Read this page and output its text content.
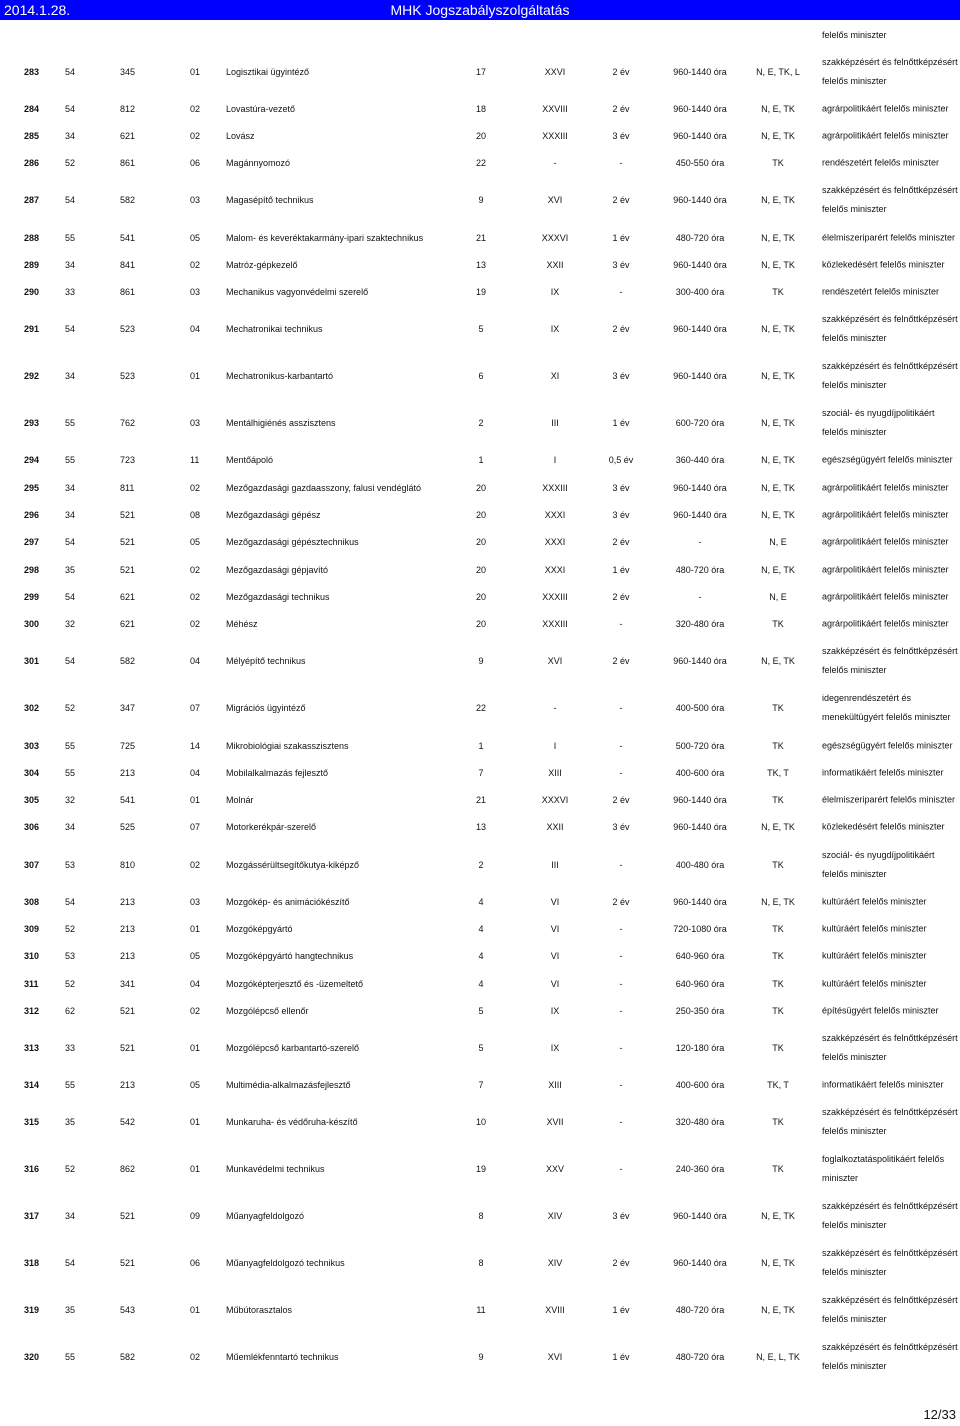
2014.1.28.	MHK Jogszabályszolgáltatás
felelős miniszter
283	54	345	01	Logisztikai ügyintéző	17	XXVI	2 év	960-1440 óra	N, E, TK, L
szakképzésért és felnőttképzésért felelős miniszter
284	54	812	02	Lovastúra-vezető	18	XXVIII	2 év	960-1440 óra	N, E, TK	agrárpolitikáért felelős miniszter
285	34	621	02	Lovász	20	XXXIII	3 év	960-1440 óra	N, E, TK	agrárpolitikáért felelős miniszter
286	52	861	06	Magánnyomozó	22	-	-	450-550 óra	TK	rendészetért felelős miniszter
287	54	582	03	Magasépítő technikus	9	XVI	2 év	960-1440 óra	N, E, TK
szakképzésért és felnőttképzésért felelős miniszter
288	55	541	05	Malom- és keveréktakarmány-ipari szaktechnikus	21	XXXVI	1 év	480-720 óra	N, E, TK	élelmiszeriparért felelős miniszter
289	34	841	02	Matróz-gépkezelő	13	XXII	3 év	960-1440 óra	N, E, TK	közlekedésért felelős miniszter
290	33	861	03	Mechanikus vagyonvédelmi szerelő	19	IX	-	300-400 óra	TK	rendészetért felelős miniszter
291	54	523	04	Mechatronikai technikus	5	IX	2 év	960-1440 óra	N, E, TK
szakképzésért és felnőttképzésért felelős miniszter
292	34	523	01	Mechatronikus-karbantartó	6	XI	3 év	960-1440 óra	N, E, TK
szakképzésért és felnőttképzésért felelős miniszter
293	55	762	03	Mentálhigiénés asszisztens	2	III	1 év	600-720 óra	N, E, TK
szociál- és nyugdíjpolitikáért felelős miniszter
294	55	723	11	Mentőápoló	1	I	0,5 év	360-440 óra	N, E, TK	egészségügyért felelős miniszter
295	34	811	02	Mezőgazdasági gazdaasszony, falusi vendéglátó	20	XXXIII	3 év	960-1440 óra	N, E, TK	agrárpolitikáért felelős miniszter
296	34	521	08	Mezőgazdasági gépész	20	XXXI	3 év	960-1440 óra	N, E, TK	agrárpolitikáért felelős miniszter
297	54	521	05	Mezőgazdasági gépésztechnikus	20	XXXI	2 év	-	N, E	agrárpolitikáért felelős miniszter
298	35	521	02	Mezőgazdasági gépjavító	20	XXXI	1 év	480-720 óra	N, E, TK	agrárpolitikáért felelős miniszter
299	54	621	02	Mezőgazdasági technikus	20	XXXIII	2 év	-	N, E	agrárpolitikáért felelős miniszter
300	32	621	02	Méhész	20	XXXIII	-	320-480 óra	TK	agrárpolitikáért felelős miniszter
301	54	582	04	Mélyépítő technikus	9	XVI	2 év	960-1440 óra	N, E, TK
szakképzésért és felnőttképzésért felelős miniszter
302	52	347	07	Migrációs ügyintéző	22	-	-	400-500 óra	TK
idegenrendészetért és menekültügyért felelős miniszter
303	55	725	14	Mikrobiológiai szakasszisztens	1	I	-	500-720 óra	TK	egészségügyért felelős miniszter
304	55	213	04	Mobilalkalmazás fejlesztő	7	XIII	-	400-600 óra	TK, T	informatikáért felelős miniszter
305	32	541	01	Molnár	21	XXXVI	2 év	960-1440 óra	TK	élelmiszeriparért felelős miniszter
306	34	525	07	Motorkerékpár-szerelő	13	XXII	3 év	960-1440 óra	N, E, TK	közlekedésért felelős miniszter
307	53	810	02	Mozgássérültsegítőkutya-kiképző	2	III	-	400-480 óra	TK
szociál- és nyugdíjpolitikáért felelős miniszter
308	54	213	03	Mozgókép- és animációkészítő	4	VI	2 év	960-1440 óra	N, E, TK	kultúráért felelős miniszter
309	52	213	01	Mozgóképgyártó	4	VI	-	720-1080 óra	TK	kultúráért felelős miniszter
310	53	213	05	Mozgóképgyártó hangtechnikus	4	VI	-	640-960 óra	TK	kultúráért felelős miniszter
311	52	341	04	Mozgóképterjesztő és -üzemeltető	4	VI	-	640-960 óra	TK	kultúráért felelős miniszter
312	62	521	02	Mozgólépcső ellenőr	5	IX	-	250-350 óra	TK	építésügyért felelős miniszter
313	33	521	01	Mozgólépcső karbantartó-szerelő	5	IX	-	120-180 óra	TK
szakképzésért és felnőttképzésért felelős miniszter
314	55	213	05	Multimédia-alkalmazásfejlesztő	7	XIII	-	400-600 óra	TK, T	informatikáért felelős miniszter
315	35	542	01	Munkaruha- és védőruha-készítő	10	XVII	-	320-480 óra	TK
szakképzésért és felnőttképzésért felelős miniszter
316	52	862	01	Munkavédelmi technikus	19	XXV	-	240-360 óra	TK
foglalkoztatáspolitikáért felelős miniszter
317	34	521	09	Műanyagfeldolgozó	8	XIV	3 év	960-1440 óra	N, E, TK
szakképzésért és felnőttképzésért felelős miniszter
318	54	521	06	Műanyagfeldolgozó technikus	8	XIV	2 év	960-1440 óra	N, E, TK
szakképzésért és felnőttképzésért felelős miniszter
319	35	543	01	Műbútorasztalos	11	XVIII	1 év	480-720 óra	N, E, TK
szakképzésért és felnőttképzésért felelős miniszter
320	55	582	02	Műemlékfenntartó technikus	9	XVI	1 év	480-720 óra	N, E, L, TK
szakképzésért és felnőttképzésért felelős miniszter
12/33
